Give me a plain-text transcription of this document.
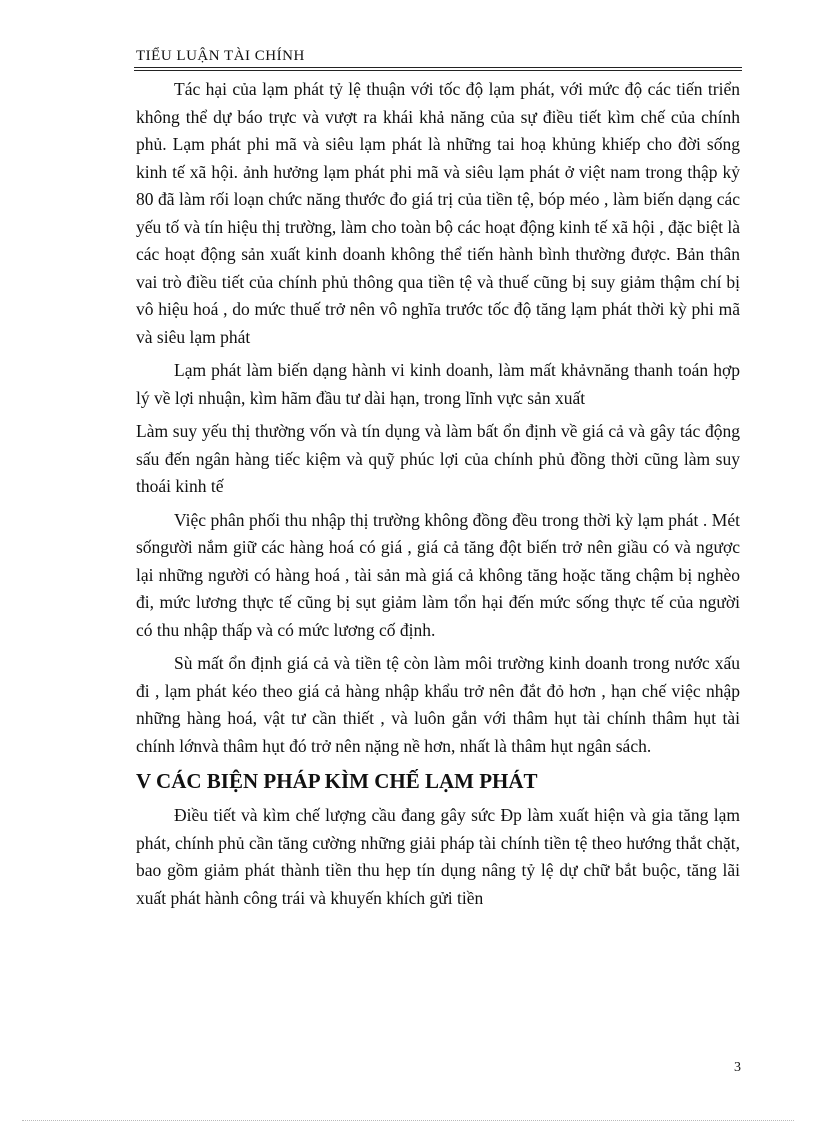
TIỂU LUẬN TÀI CHÍNH

Tác hại của lạm phát tỷ lệ thuận với tốc độ lạm phát, với mức độ các tiến triển không thể dự báo trực và vượt ra khái khả năng của sự điều tiết kìm chế của chính phủ. Lạm phát phi mã và siêu lạm phát là những tai hoạ khủng khiếp cho đời sống kinh tế xã hội. ảnh hưởng lạm phát phi mã và siêu lạm phát ở việt nam trong thập kỷ 80 đã làm rối loạn chức năng thước đo giá trị của tiền tệ, bóp méo , làm biến dạng các yếu tố và tín hiệu thị trường, làm cho toàn bộ các hoạt động kinh tế xã hội , đặc biệt là các hoạt động sản xuất kinh doanh không thể tiến hành bình thường được. Bản thân vai trò điều tiết của chính phủ thông qua tiền tệ và thuế cũng bị suy giảm thậm chí bị vô hiệu hoá , do mức thuế trở nên vô nghĩa trước tốc độ tăng lạm phát thời kỳ phi mã và siêu lạm phát

Lạm phát làm biến dạng hành vi kinh doanh, làm mất khảvnăng thanh toán hợp lý về lợi nhuận, kìm hãm đầu tư dài hạn, trong lĩnh vực sản xuất

Làm suy yếu thị thường vốn và tín dụng và làm bất ổn định về giá cả và gây tác động sấu đến ngân hàng tiếc kiệm và quỹ phúc lợi của chính phủ đồng thời cũng làm suy thoái kinh tế

Việc phân phối thu nhập thị trường không đồng đều trong thời kỳ lạm phát . Mét sốngười nắm giữ các hàng hoá có giá , giá cả tăng đột biến trở nên giầu có và ngược lại những người có hàng hoá , tài sản mà giá cả không tăng hoặc tăng chậm bị nghèo đi, mức lương thực tế cũng bị sụt giảm làm tổn hại đến mức sống thực tế của người có thu nhập thấp và có mức lương cố định.

Sù mất ổn định giá cả và tiền tệ còn làm môi trường kinh doanh trong nước xấu đi , lạm phát kéo theo giá cả hàng nhập khẩu trở nên đắt đỏ hơn , hạn chế việc nhập những hàng hoá, vật tư cần thiết , và luôn gắn với thâm hụt tài chính thâm hụt tài chính lớnvà thâm hụt đó trở nên nặng nề hơn, nhất là thâm hụt ngân sách.

V CÁC BIỆN PHÁP KÌM CHẾ LẠM PHÁT

Điều tiết và kìm chế lượng cầu đang gây sức Đp làm xuất hiện và gia tăng lạm phát, chính phủ cần tăng cường những giải pháp tài chính tiền tệ theo hướng thắt chặt, bao gồm giảm phát thành tiền thu hẹp tín dụng nâng tỷ lệ dự chữ bắt buộc, tăng lãi xuất phát hành công trái và khuyến khích gửi tiền

3
